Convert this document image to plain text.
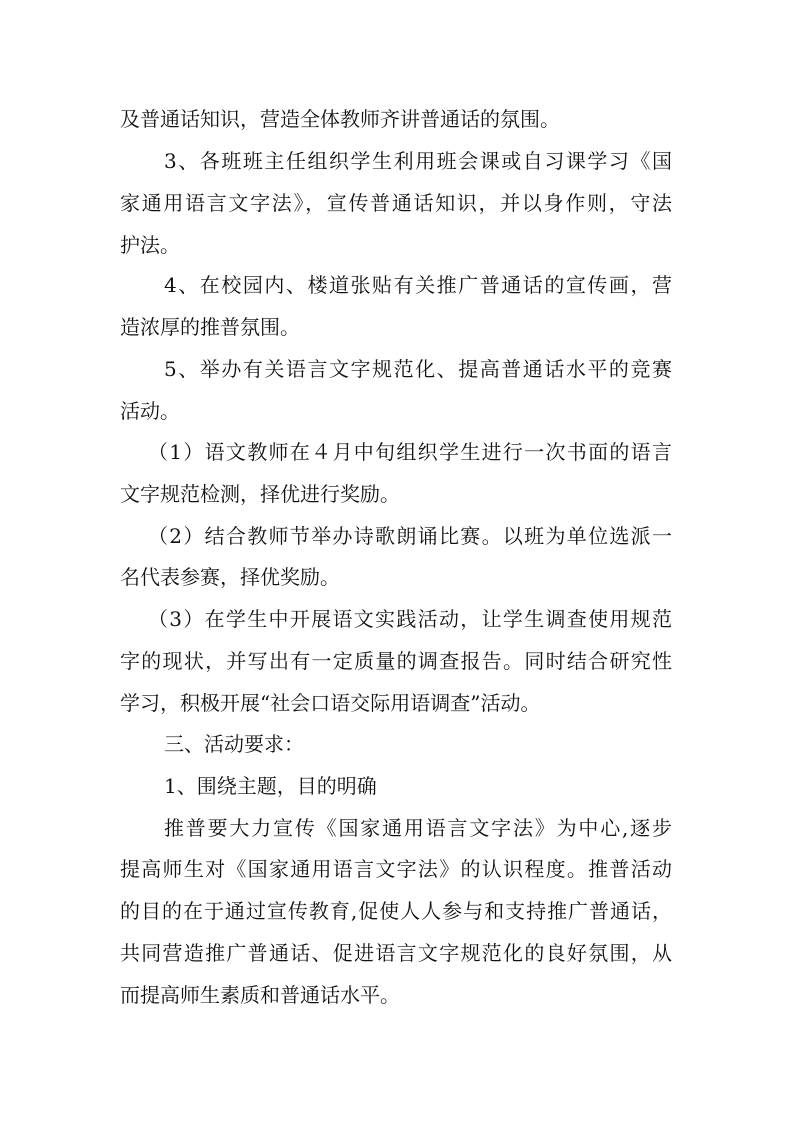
及普通话知识，营造全体教师齐讲普通话的氛围。
3、各班班主任组织学生利用班会课或自习课学习《国
家通用语言文字法》，宣传普通话知识，并以身作则，守法
护法。
4、在校园内、楼道张贴有关推广普通话的宣传画，营
造浓厚的推普氛围。
5、举办有关语言文字规范化、提高普通话水平的竞赛
活动。
（1）语文教师在４月中旬组织学生进行一次书面的语言
文字规范检测，择优进行奖励。
（2）结合教师节举办诗歌朗诵比赛。以班为单位选派一
名代表参赛，择优奖励。
（3）在学生中开展语文实践活动，让学生调查使用规范
字的现状，并写出有一定质量的调查报告。同时结合研究性
学习，积极开展“社会口语交际用语调查”活动。
三、活动要求：
1、围绕主题，目的明确
推普要大力宣传《国家通用语言文字法》为中心,逐步
提高师生对《国家通用语言文字法》的认识程度。推普活动
的目的在于通过宣传教育,促使人人参与和支持推广普通话，
共同营造推广普通话、促进语言文字规范化的良好氛围，从
而提高师生素质和普通话水平。
